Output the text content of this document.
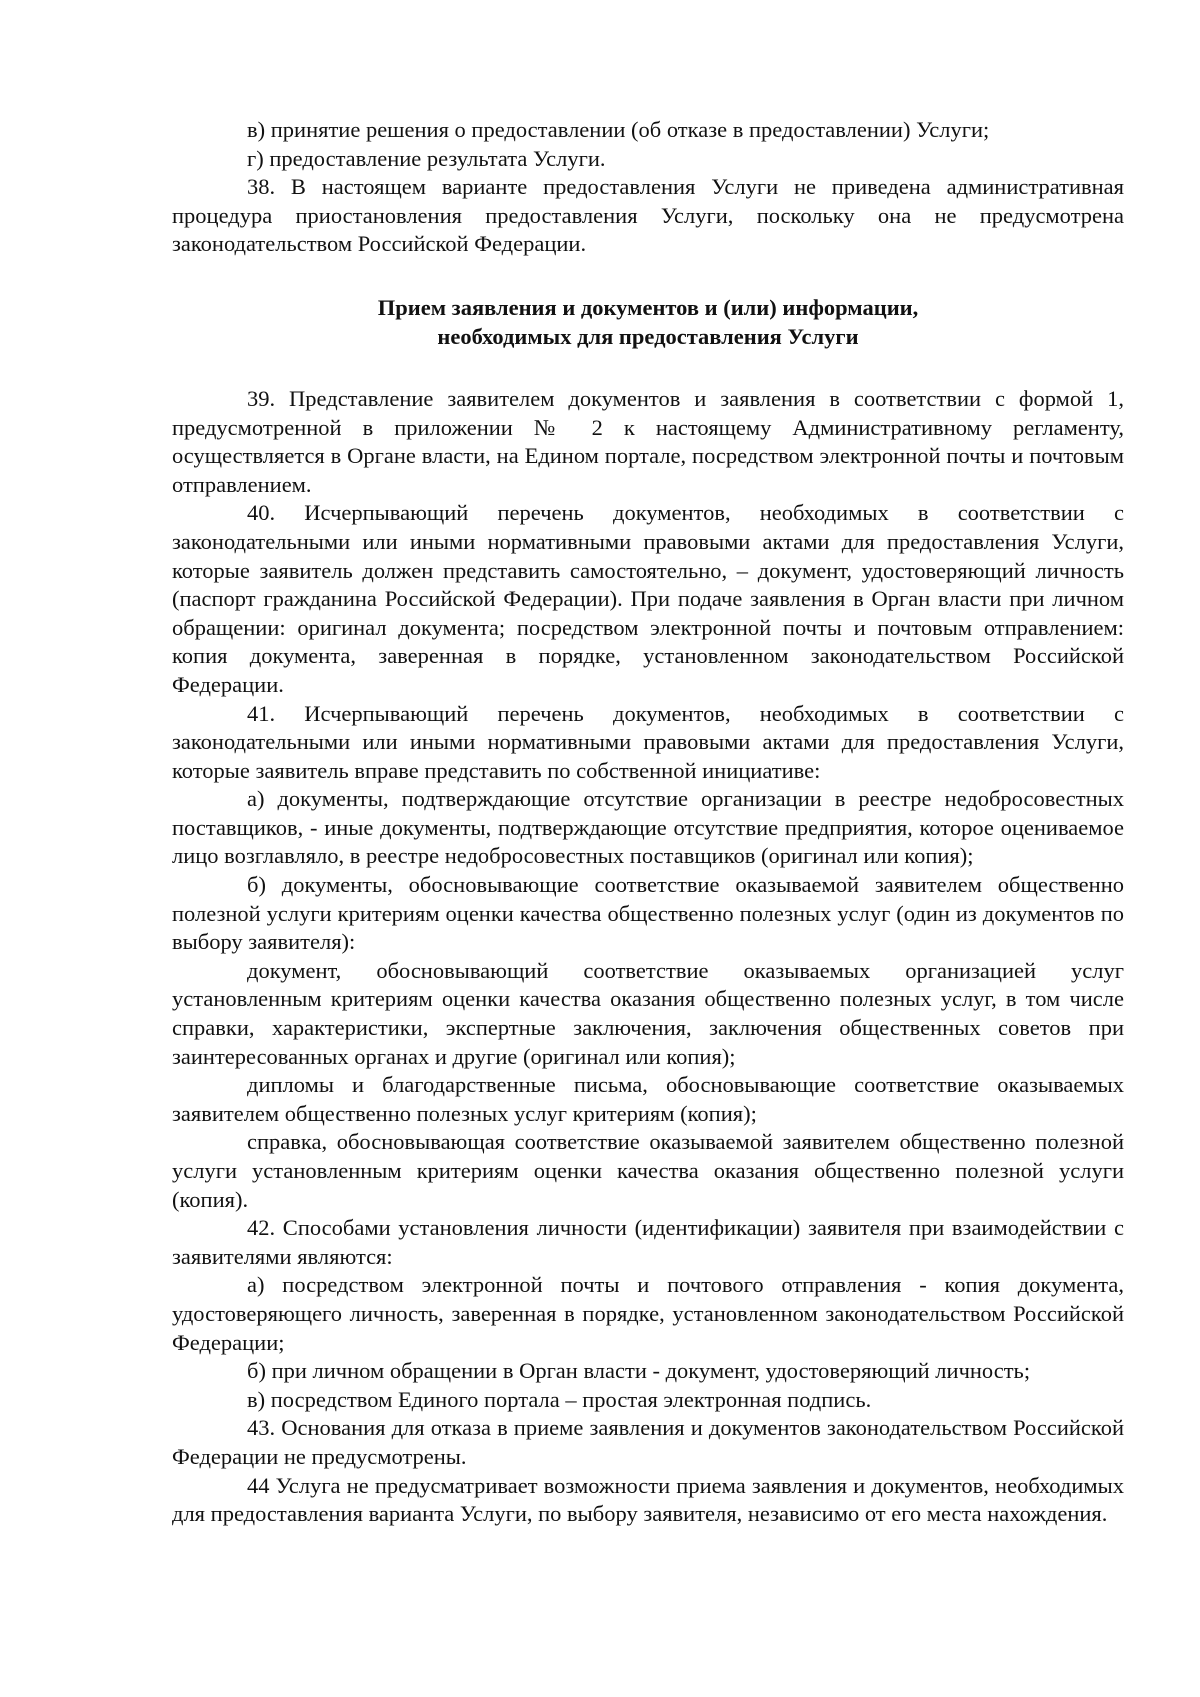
в) принятие решения о предоставлении (об отказе в предоставлении) Услуги;

г) предоставление результата Услуги.

38. В настоящем варианте предоставления Услуги не приведена административная процедура приостановления предоставления Услуги, поскольку она не предусмотрена законодательством Российской Федерации.

Прием заявления и документов и (или) информации,
необходимых для предоставления Услуги

39. Представление заявителем документов и заявления в соответствии с формой 1, предусмотренной в приложении № 2 к настоящему Административному регламенту, осуществляется в Органе власти, на Едином портале, посредством электронной почты и почтовым отправлением.

40. Исчерпывающий перечень документов, необходимых в соответствии с законодательными или иными нормативными правовыми актами для предоставления Услуги, которые заявитель должен представить самостоятельно, – документ, удостоверяющий личность (паспорт гражданина Российской Федерации). При подаче заявления в Орган власти при личном обращении: оригинал документа; посредством электронной почты и почтовым отправлением: копия документа, заверенная в порядке, установленном законодательством Российской Федерации.

41. Исчерпывающий перечень документов, необходимых в соответствии с законодательными или иными нормативными правовыми актами для предоставления Услуги, которые заявитель вправе представить по собственной инициативе:

а) документы, подтверждающие отсутствие организации в реестре недобросовестных поставщиков, - иные документы, подтверждающие отсутствие предприятия, которое оцениваемое лицо возглавляло, в реестре недобросовестных поставщиков (оригинал или копия);

б) документы, обосновывающие соответствие оказываемой заявителем общественно полезной услуги критериям оценки качества общественно полезных услуг (один из документов по выбору заявителя):

документ, обосновывающий соответствие оказываемых организацией услуг установленным критериям оценки качества оказания общественно полезных услуг, в том числе справки, характеристики, экспертные заключения, заключения общественных советов при заинтересованных органах и другие (оригинал или копия);

дипломы и благодарственные письма, обосновывающие соответствие оказываемых заявителем общественно полезных услуг критериям (копия);

справка, обосновывающая соответствие оказываемой заявителем общественно полезной услуги установленным критериям оценки качества оказания общественно полезной услуги (копия).

42. Способами установления личности (идентификации) заявителя при взаимодействии с заявителями являются:

а) посредством электронной почты и почтового отправления - копия документа, удостоверяющего личность, заверенная в порядке, установленном законодательством Российской Федерации;

б) при личном обращении в Орган власти - документ, удостоверяющий личность;

в) посредством Единого портала – простая электронная подпись.

43. Основания для отказа в приеме заявления и документов законодательством Российской Федерации не предусмотрены.

44 Услуга не предусматривает возможности приема заявления и документов, необходимых для предоставления варианта Услуги, по выбору заявителя, независимо от его места нахождения.
